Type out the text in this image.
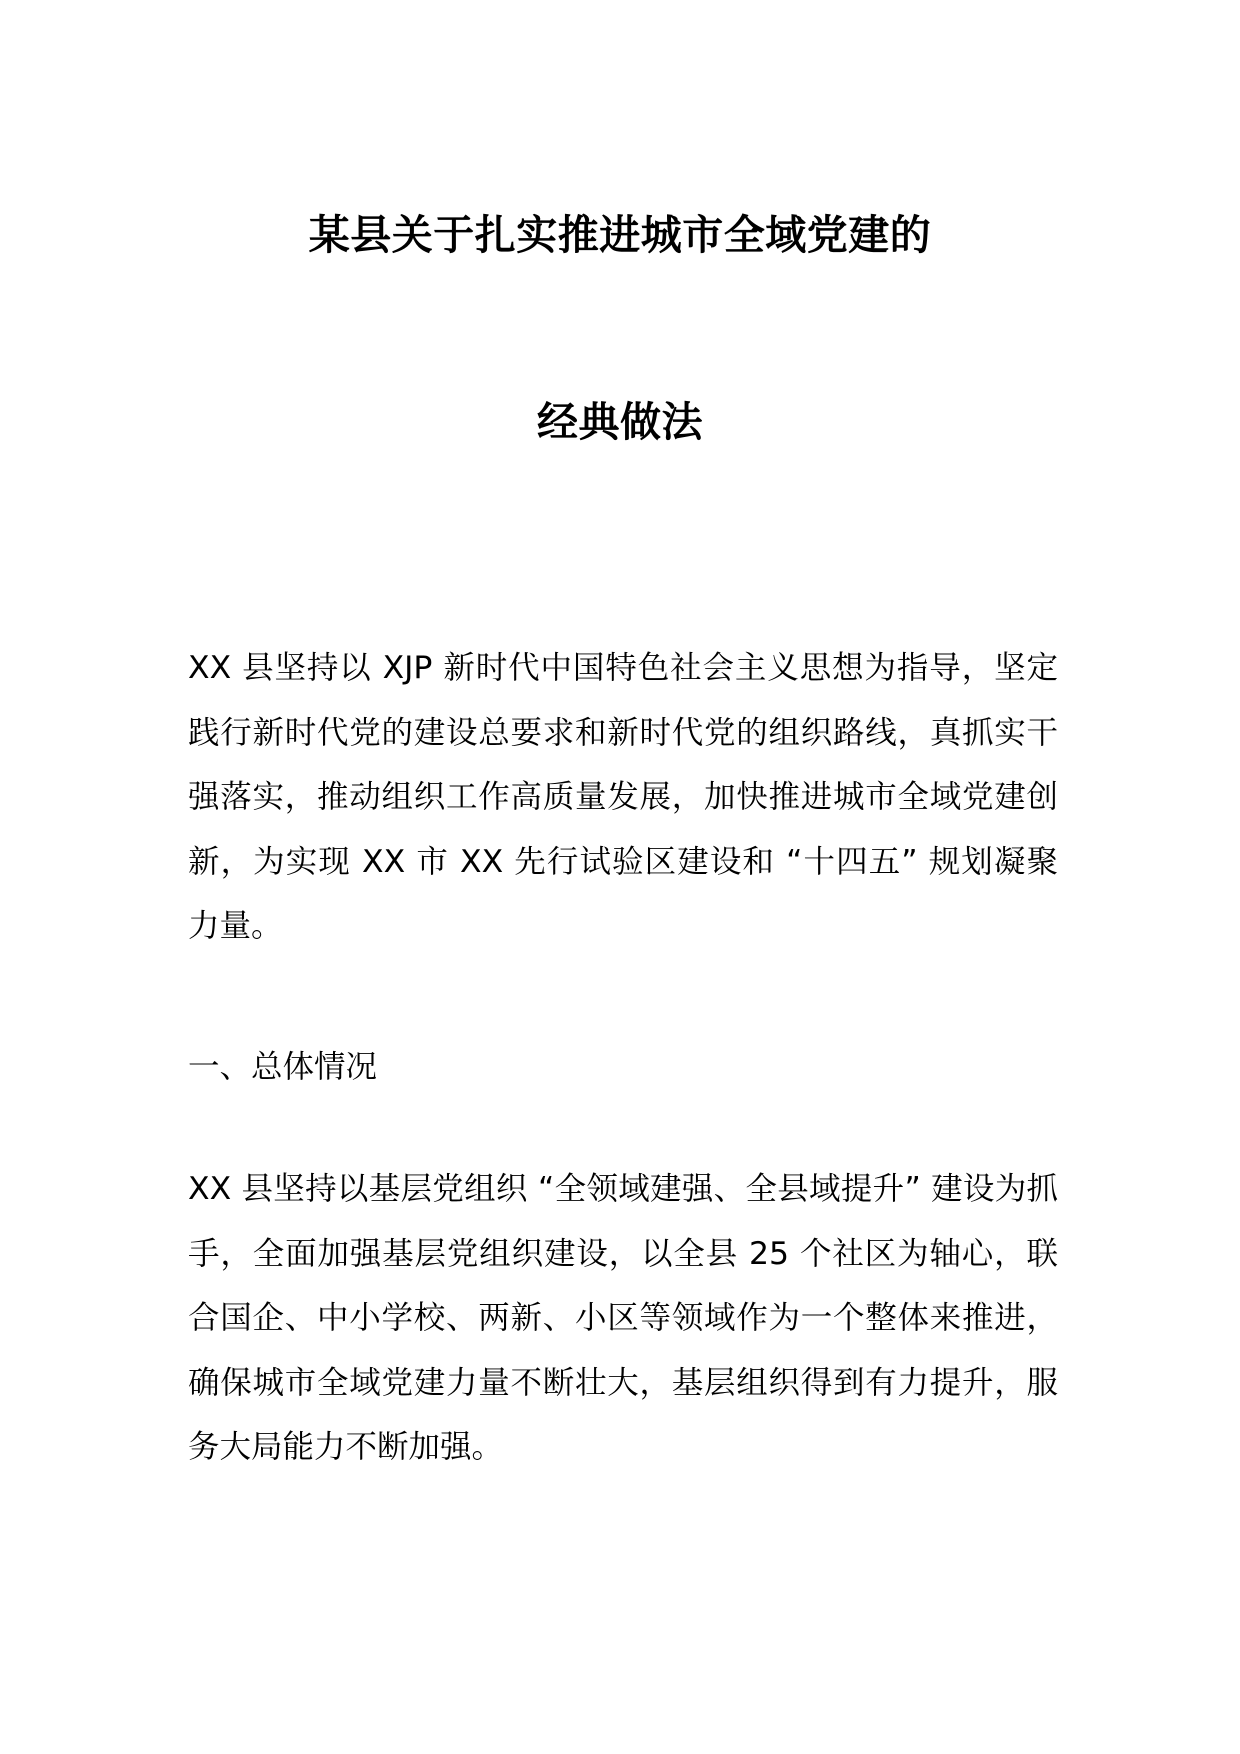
某县关于扎实推进城市全域党建的
经典做法

XX 县坚持以 XJP 新时代中国特色社会主义思想为指导，坚定践行新时代党的建设总要求和新时代党的组织路线，真抓实干强落实，推动组织工作高质量发展，加快推进城市全域党建创新，为实现 XX 市 XX 先行试验区建设和 “十四五” 规划凝聚力量。

一、总体情况

XX 县坚持以基层党组织 “全领域建强、全县域提升” 建设为抓手，全面加强基层党组织建设，以全县 25 个社区为轴心，联合国企、中小学校、两新、小区等领域作为一个整体来推进，确保城市全域党建力量不断壮大，基层组织得到有力提升，服务大局能力不断加强。
